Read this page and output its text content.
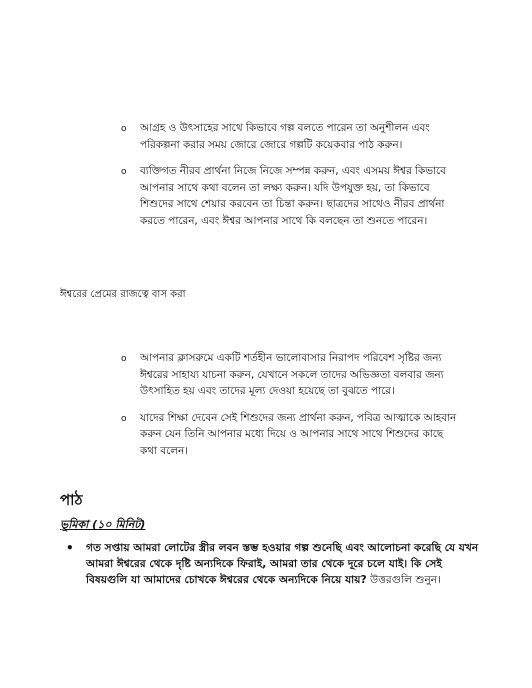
o আগ্রহ ও উৎসাহের সাথে কিভাবে গল্প বলতে পারেন তা অনুশীলন এবং পরিকল্পনা করার সময় জোরে জোরে গল্পটি কয়েকবার পাঠ করুন।
o ব্যক্তিগত নীরব প্রার্থনা নিজে নিজে সম্পন্ন করুন, এবং এসময় ঈশ্বর কিভাবে আপনার সাথে কথা বলেন তা লক্ষ্য করুন। যদি উপযুক্ত হয়, তা কিভাবে শিশুদের সাথে শেয়ার করবেন তা চিন্তা করুন। ছাত্রদের সাথেও নীরব প্রার্থনা করতে পারেন, এবং ঈশ্বর আপনার সাথে কি বলছেন তা শুনতে পারেন।
ঈশ্বরের প্রেমের রাজত্বে বাস করা
o আপনার ক্লাসরুমে একটি শর্তহীন ভালোবাসার নিরাপদ পরিবেশ সৃষ্টির জন্য ঈশ্বরের সাহায্য যাচনা করুন, যেখানে সকলে তাদের অভিজ্ঞতা বলবার জন্য উৎসাহিত হয় এবং তাদের মূল্য দেওয়া হয়েছে তা বুঝতে পারে।
o যাদের শিক্ষা দেবেন সেই শিশুদের জন্য প্রার্থনা করুন, পবিত্র আত্মাকে আহবান করুন যেন তিনি আপনার মধ্যে দিয়ে ও আপনার সাথে সাথে শিশুদের কাছে কথা বলেন।
পাঠ
ভূমিকা (১০ মিনিট)
• গত সপ্তায় আমরা লোটের স্ত্রীর লবন স্তম্ভ হওয়ার গল্প শুনেছি এবং আলোচনা করেছি যে যখন আমরা ঈশ্বরের থেকে দৃষ্টি অন্যদিকে ফিরাই, আমরা তার থেকে দূরে চলে যাই। কি সেই বিষয়গুলি যা আমাদের চোখকে ঈশ্বরের থেকে অন্যদিকে নিয়ে যায়? উত্তরগুলি শুনুন।
